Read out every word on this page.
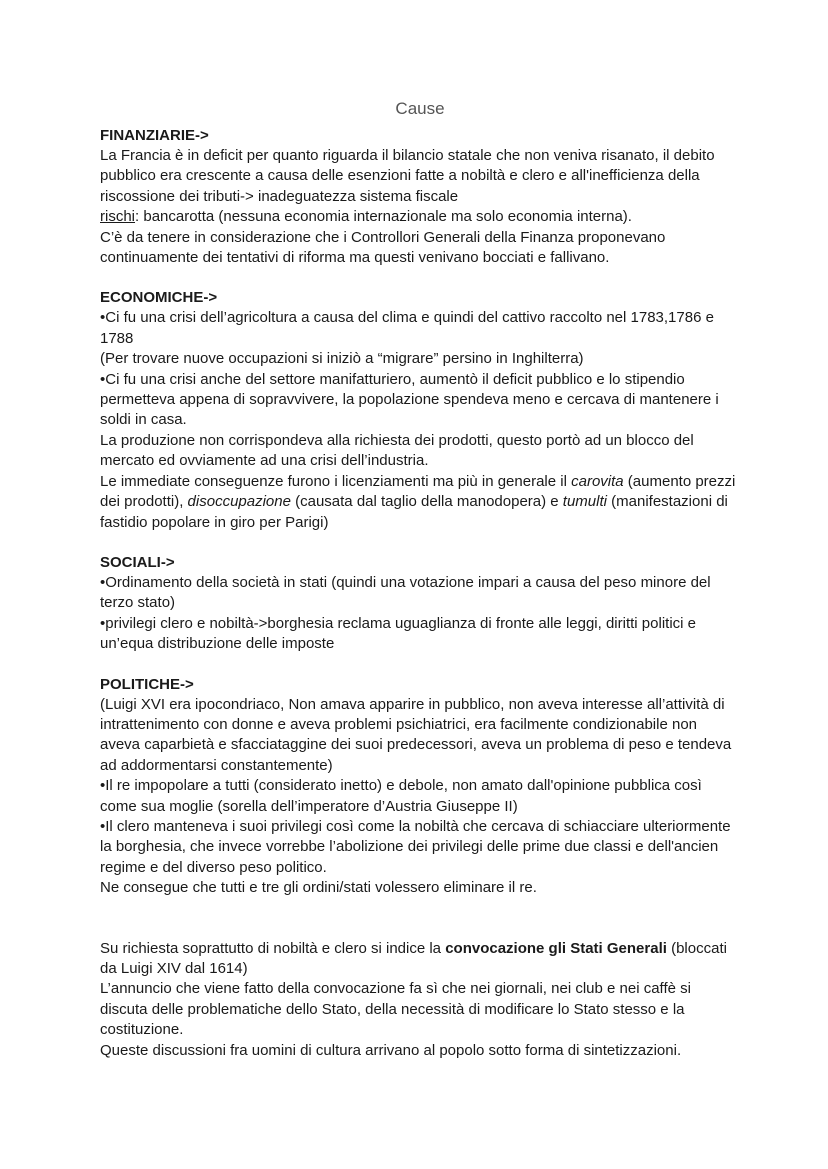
Cause

FINANZIARIE->

La Francia è in deficit per quanto riguarda il bilancio statale che non veniva risanato, il debito pubblico era crescente a causa delle esenzioni fatte a nobiltà e clero e all'inefficienza della riscossione dei tributi-> inadeguatezza sistema fiscale

rischi: bancarotta (nessuna economia internazionale ma solo economia interna).

C’è da tenere in considerazione che i Controllori Generali della Finanza proponevano continuamente dei tentativi di riforma ma questi venivano bocciati e fallivano.

ECONOMICHE->

•Ci fu una crisi dell’agricoltura a causa del clima e quindi del cattivo raccolto nel 1783,1786 e 1788

(Per trovare nuove occupazioni si iniziò a “migrare” persino in Inghilterra)

•Ci fu una crisi anche del settore manifatturiero, aumentò il deficit pubblico e lo stipendio permetteva appena di sopravvivere, la popolazione spendeva meno e cercava di mantenere i soldi in casa.

La produzione non corrispondeva alla richiesta dei prodotti, questo portò ad un blocco del mercato ed ovviamente ad una crisi dell’industria.

Le immediate conseguenze furono i licenziamenti ma più in generale il carovita (aumento prezzi dei prodotti), disoccupazione (causata dal taglio della manodopera) e tumulti (manifestazioni di fastidio popolare in giro per Parigi)

SOCIALI->

•Ordinamento della società in stati (quindi una votazione impari a causa del peso minore del terzo stato)

•privilegi clero e nobiltà->borghesia reclama uguaglianza di fronte alle leggi, diritti politici e un’equa distribuzione delle imposte

POLITICHE->

(Luigi XVI era ipocondriaco, Non amava apparire in pubblico, non aveva interesse all’attività di intrattenimento con donne e aveva problemi psichiatrici, era facilmente condizionabile non aveva caparbietà e sfacciataggine dei suoi predecessori, aveva un problema di peso e tendeva ad addormentarsi constantemente)

•Il re impopolare a tutti (considerato inetto) e debole, non amato dall'opinione pubblica così come sua moglie (sorella dell’imperatore d’Austria Giuseppe II)

•Il clero manteneva i suoi privilegi così come la nobiltà che cercava di schiacciare ulteriormente la borghesia, che invece vorrebbe l’abolizione dei privilegi delle prime due classi e dell'ancien regime e del diverso peso politico.

Ne consegue che tutti e tre gli ordini/stati volessero eliminare il re.

Su richiesta soprattutto di nobiltà e clero si indice la convocazione gli Stati Generali (bloccati da Luigi XIV dal 1614)

L’annuncio che viene fatto della convocazione fa sì che nei giornali, nei club e nei caffè si discuta delle problematiche dello Stato, della necessità di modificare lo Stato stesso e la costituzione.

Queste discussioni fra uomini di cultura arrivano al popolo sotto forma di sintetizzazioni.
